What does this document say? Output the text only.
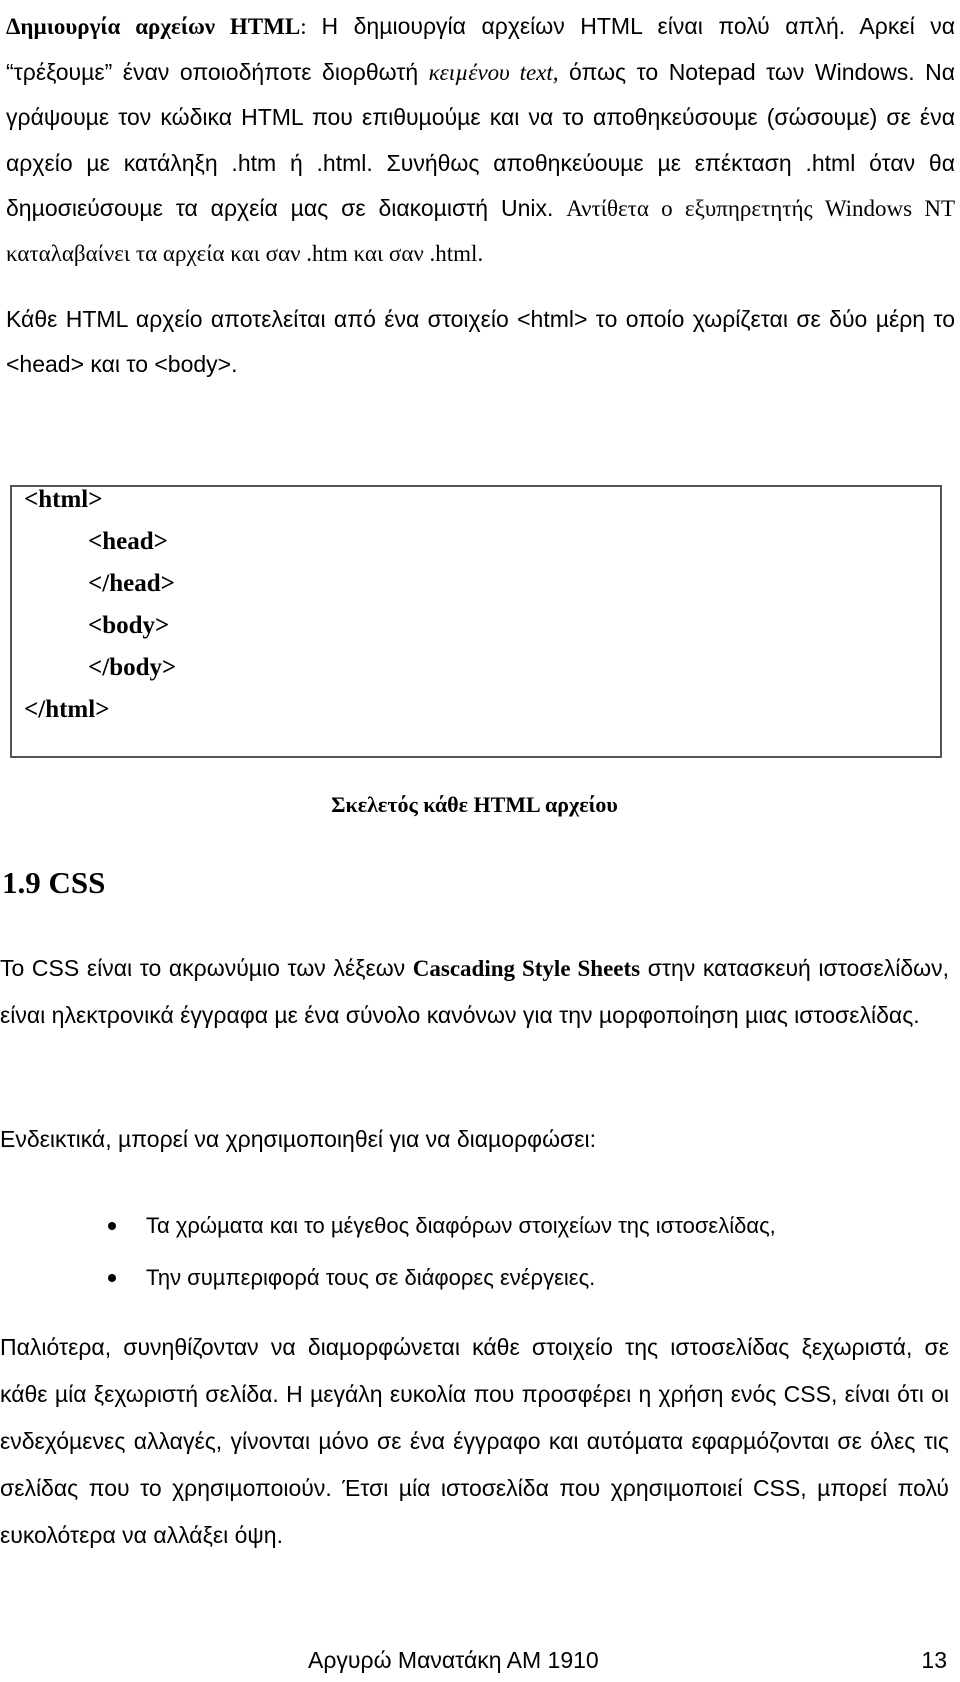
Δηµιουργία αρχείων HTML: Η δηµιουργία αρχείων HTML είναι πολύ απλή. Αρκεί να “τρέξουµε” έναν οποιοδήποτε διορθωτή κειµένου text, όπως το Notepad των Windows. Να γράψουµε τον κώδικα HTML που επιθυµούµε και να το αποθηκεύσουµε (σώσουµε) σε ένα αρχείο µε κατάληξη .htm ή .html. Συνήθως αποθηκεύουµε µε επέκταση .html όταν θα δηµοσιεύσουµε τα αρχεία µας σε διακοµιστή Unix. Αντίθετα ο εξυπηρετητής Windows NT καταλαβαίνει τα αρχεία και σαν .htm και σαν .html.

Κάθε HTML αρχείο αποτελείται από ένα στοιχείο <html> το οποίο χωρίζεται σε δύο µέρη το <head> και το <body>.

<html>
<head>
</head>
<body>
</body>
</html>
Σκελετός κάθε HTML αρχείου
1.9 CSS

Το CSS είναι το ακρωνύµιο των λέξεων Cascading Style Sheets στην κατασκευή ιστοσελίδων, είναι ηλεκτρονικά έγγραφα µε ένα σύνολο κανόνων για την µορφοποίηση µιας ιστοσελίδας.

Ενδεικτικά, µπορεί να χρησιµοποιηθεί για να διαµορφώσει:

Τα χρώµατα και το µέγεθος διαφόρων στοιχείων της ιστοσελίδας,
Την συµπεριφορά τους σε διάφορες ενέργειες.

Παλιότερα, συνηθίζονταν να διαµορφώνεται κάθε στοιχείο της ιστοσελίδας ξεχωριστά, σε κάθε µία ξεχωριστή σελίδα. Η µεγάλη ευκολία που προσφέρει η χρήση ενός CSS, είναι ότι οι ενδεχόµενες αλλαγές, γίνονται µόνο σε ένα έγγραφο και αυτόµατα εφαρµόζονται σε όλες τις σελίδας που το χρησιµοποιούν. Έτσι µία ιστοσελίδα που χρησιµοποιεί CSS, µπορεί πολύ ευκολότερα να αλλάξει όψη.

Αργυρώ Μανατάκη ΑΜ 1910	13
